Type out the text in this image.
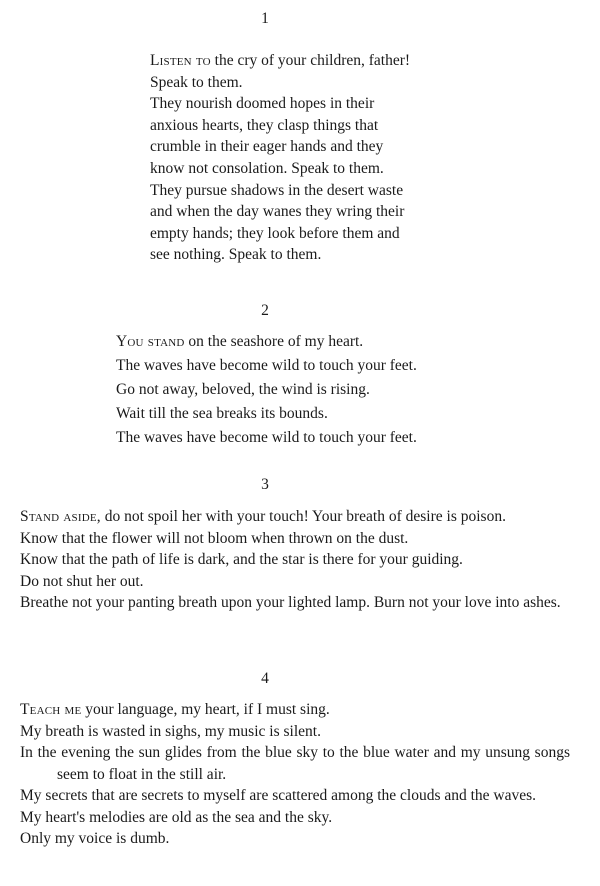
1
Listen to the cry of your children, father!
Speak to them.
They nourish doomed hopes in their
anxious hearts, they clasp things that
crumble in their eager hands and they
know not consolation. Speak to them.
They pursue shadows in the desert waste
and when the day wanes they wring their
empty hands; they look before them and
see nothing. Speak to them.
2
You stand on the seashore of my heart.
The waves have become wild to touch your feet.
Go not away, beloved, the wind is rising.
Wait till the sea breaks its bounds.
The waves have become wild to touch your feet.
3
Stand aside, do not spoil her with your touch! Your breath of desire is poison.
Know that the flower will not bloom when thrown on the dust.
Know that the path of life is dark, and the star is there for your guiding.
Do not shut her out.
Breathe not your panting breath upon your lighted lamp. Burn not your love into ashes.
4
Teach me your language, my heart, if I must sing.
My breath is wasted in sighs, my music is silent.
In the evening the sun glides from the blue sky to the blue water and my unsung songs seem to float in the still air.
My secrets that are secrets to myself are scattered among the clouds and the waves.
My heart's melodies are old as the sea and the sky.
Only my voice is dumb.
